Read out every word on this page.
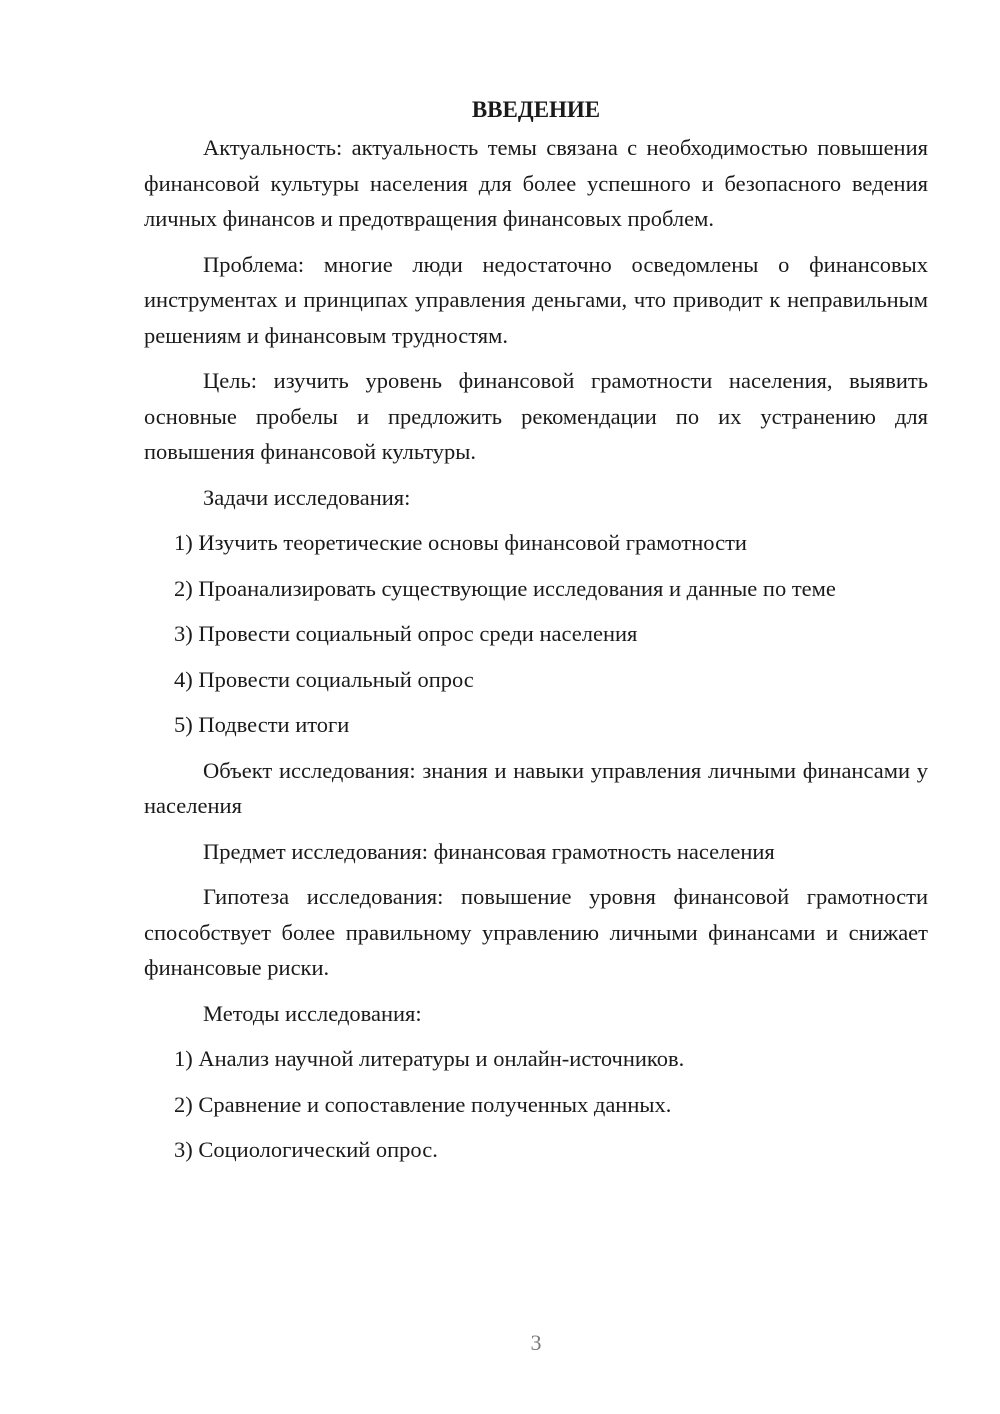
ВВЕДЕНИЕ

Актуальность: актуальность темы связана с необходимостью повышения финансовой культуры населения для более успешного и безопасного ведения личных финансов и предотвращения финансовых проблем.

Проблема: многие люди недостаточно осведомлены о финансовых инструментах и принципах управления деньгами, что приводит к неправильным решениям и финансовым трудностям.

Цель: изучить уровень финансовой грамотности населения, выявить основные пробелы и предложить рекомендации по их устранению для повышения финансовой культуры.

Задачи исследования:

1) Изучить теоретические основы финансовой грамотности
2) Проанализировать существующие исследования и данные по теме
3) Провести социальный опрос среди населения
4) Провести социальный опрос
5) Подвести итоги

Объект исследования: знания и навыки управления личными финансами у населения

Предмет исследования: финансовая грамотность населения

Гипотеза исследования: повышение уровня финансовой грамотности способствует более правильному управлению личными финансами и снижает финансовые риски.

Методы исследования:

1) Анализ научной литературы и онлайн-источников.
2) Сравнение и сопоставление полученных данных.
3) Социологический опрос.
3
